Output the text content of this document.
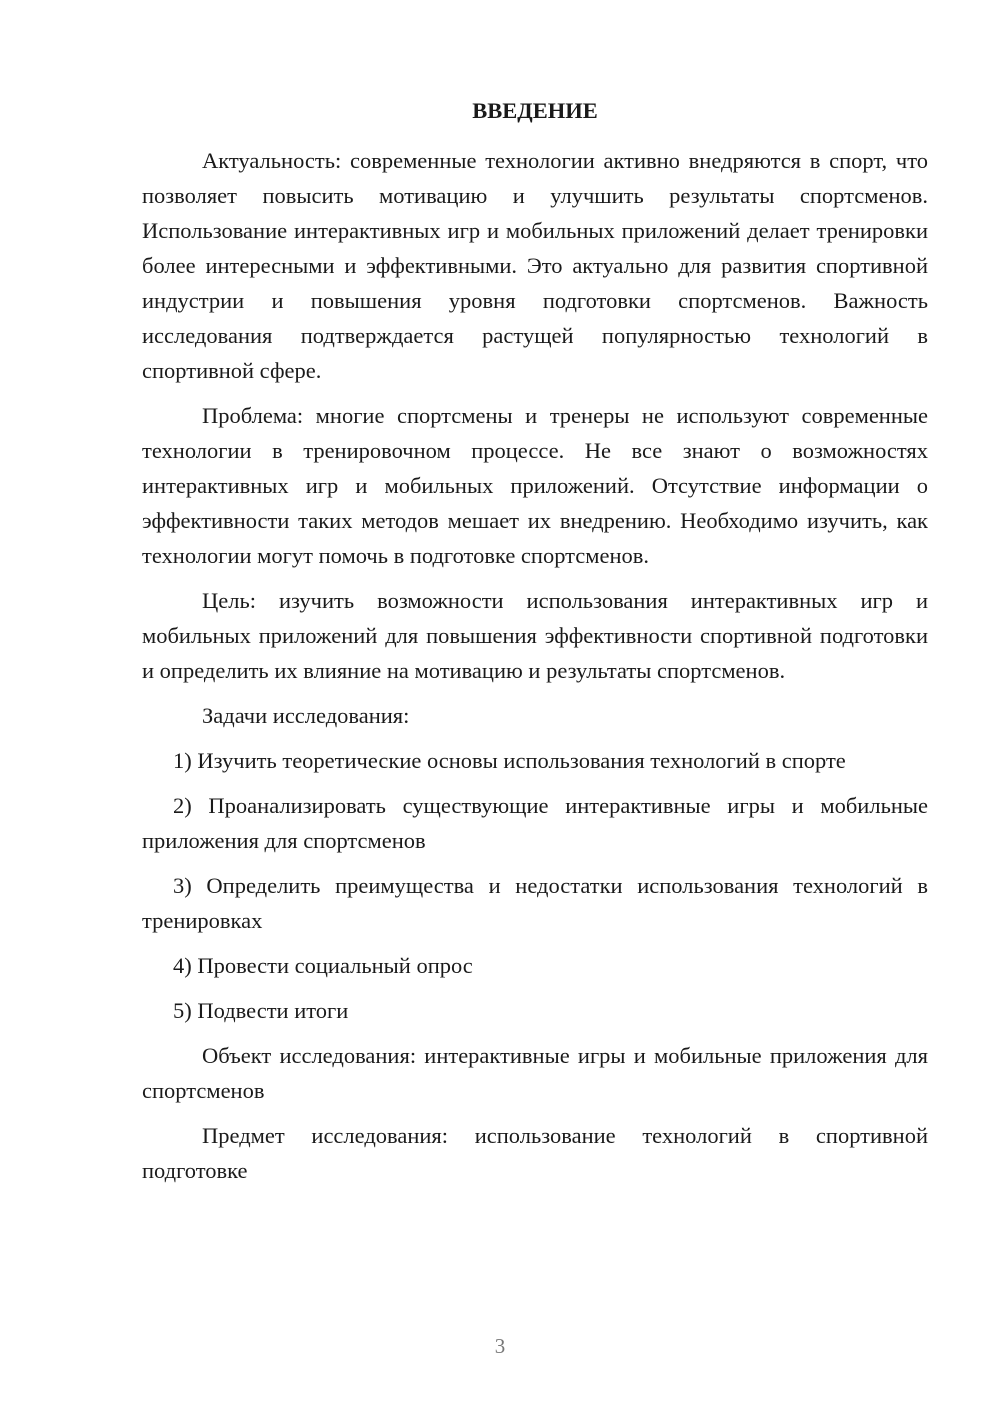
ВВЕДЕНИЕ

Актуальность: современные технологии активно внедряются в спорт, что позволяет повысить мотивацию и улучшить результаты спортсменов. Использование интерактивных игр и мобильных приложений делает тренировки более интересными и эффективными. Это актуально для развития спортивной индустрии и повышения уровня подготовки спортсменов. Важность исследования подтверждается растущей популярностью технологий в спортивной сфере.

Проблема: многие спортсмены и тренеры не используют современные технологии в тренировочном процессе. Не все знают о возможностях интерактивных игр и мобильных приложений. Отсутствие информации о эффективности таких методов мешает их внедрению. Необходимо изучить, как технологии могут помочь в подготовке спортсменов.

Цель: изучить возможности использования интерактивных игр и мобильных приложений для повышения эффективности спортивной подготовки и определить их влияние на мотивацию и результаты спортсменов.

Задачи исследования:

1) Изучить теоретические основы использования технологий в спорте

2) Проанализировать существующие интерактивные игры и мобильные приложения для спортсменов

3) Определить преимущества и недостатки использования технологий в тренировках

4) Провести социальный опрос

5) Подвести итоги

Объект исследования: интерактивные игры и мобильные приложения для спортсменов

Предмет исследования: использование технологий в спортивной подготовке

3
